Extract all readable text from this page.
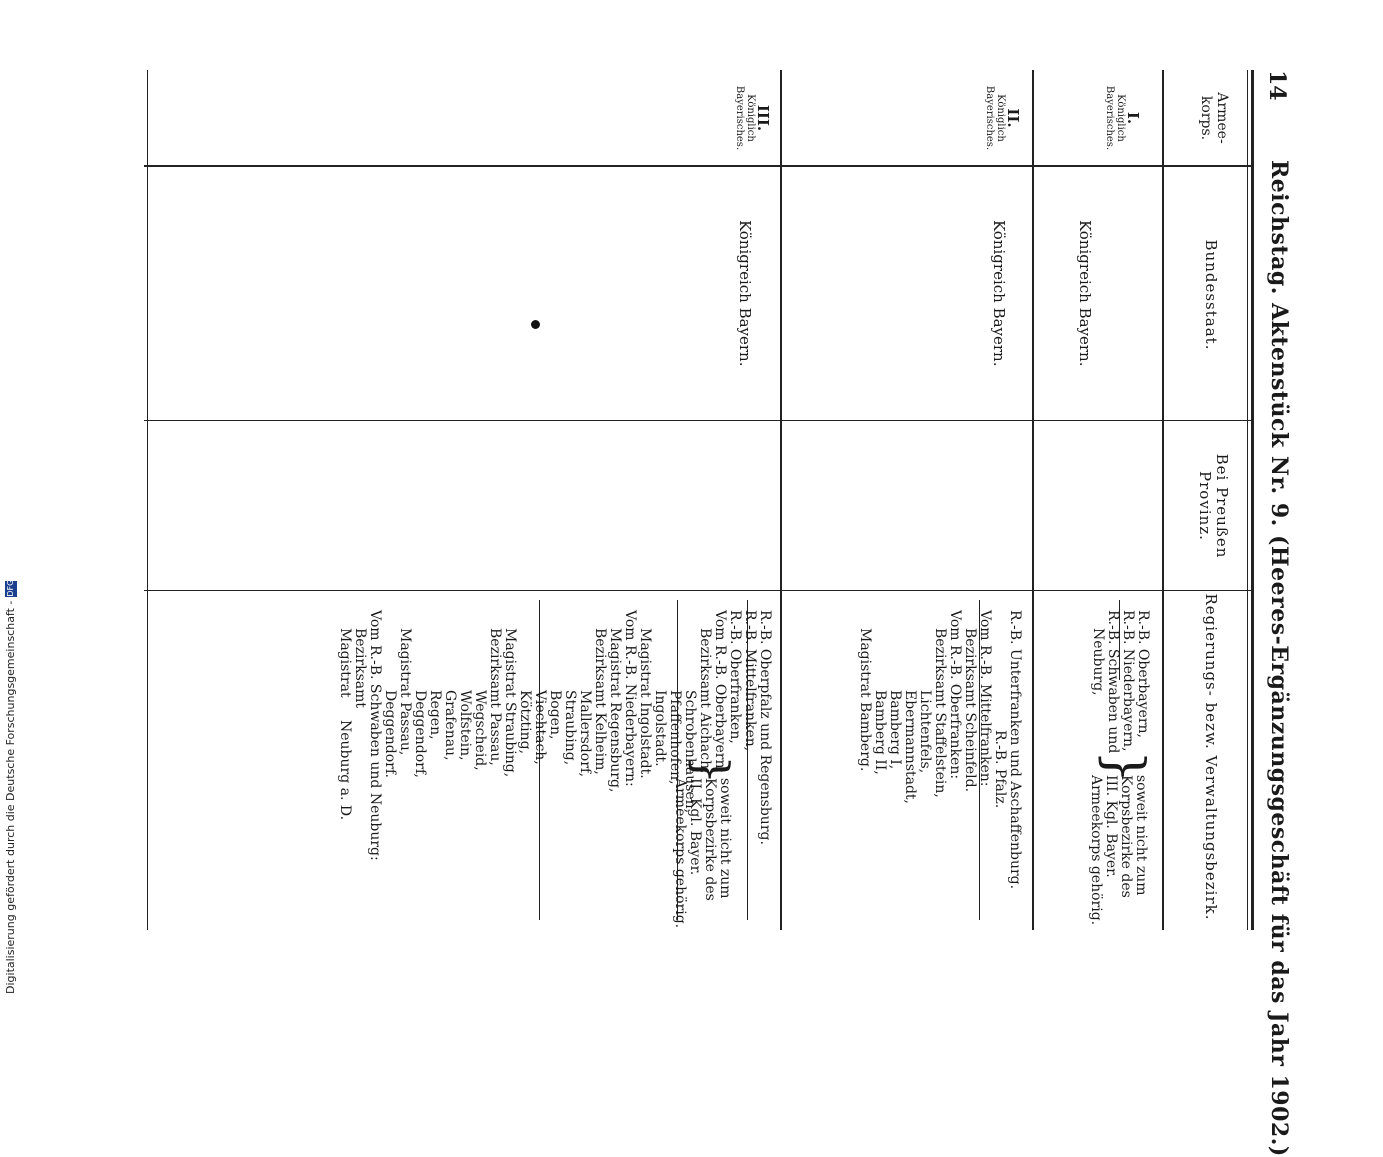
14
Reichstag. Aktenstück Nr. 9. (Heeres-Ergänzungsgeschäft für das Jahr 1902.)
Armee-
korps.
Bundesstaat.
Bei Preußen
Provinz.
Regierungs- bezw. Verwaltungsbezirk.
I.
Königlich
Bayerisches.
Königreich Bayern.
R.-B. Oberbayern,
R.-B. Niederbayern,
R.-B. Schwaben und
Neuburg,
}
soweit nicht zum
Korpsbezirke des
III. Kgl. Bayer.
Armeekorps gehörig.
II.
Königlich
Bayerisches.
Königreich Bayern.
R.-B. Unterfranken und Aschaffenburg.
R.-B. Pfalz.
Vom R.-B. Mittelfranken:
Bezirksamt Scheinfeld.
Vom R.-B. Oberfranken:
Bezirksamt Staffelstein,
Lichtenfels,
Ebermannstadt,
Bamberg I,
Bamberg II,
Magistrat Bamberg.
III.
Königlich
Bayerisches.
Königreich Bayern.
R.-B. Oberpfalz und Regensburg.
R.-B. Mittelfranken,
R.-B. Oberfranken,
Vom R.-B. Oberbayern:
Bezirksamt Aichach,
Schrobenhausen,
Pfaffenhofen,
Ingolstadt.
Magistrat Ingolstadt.
Vom R.-B. Niederbayern:
Magistrat Regensburg,
Bezirksamt Kelheim,
Mallersdorf,
Straubing,
Bogen,
Viechtach,
Kötzting,
Magistrat Straubing,
Bezirksamt Passau,
Wegscheid,
Wolfstein,
Grafenau,
Regen,
Deggendorf,
Magistrat Passau,
Deggendorf.
Vom R.-B. Schwaben und Neuburg:
Bezirksamt
Magistrat
Neuburg a. D.	}
soweit nicht zum
Korpsbezirke des
II. Kgl. Bayer.
Armeekorps gehörig.
Digitalisierung gefördert durch die Deutsche Forschungsgemeinschaft -DFG
